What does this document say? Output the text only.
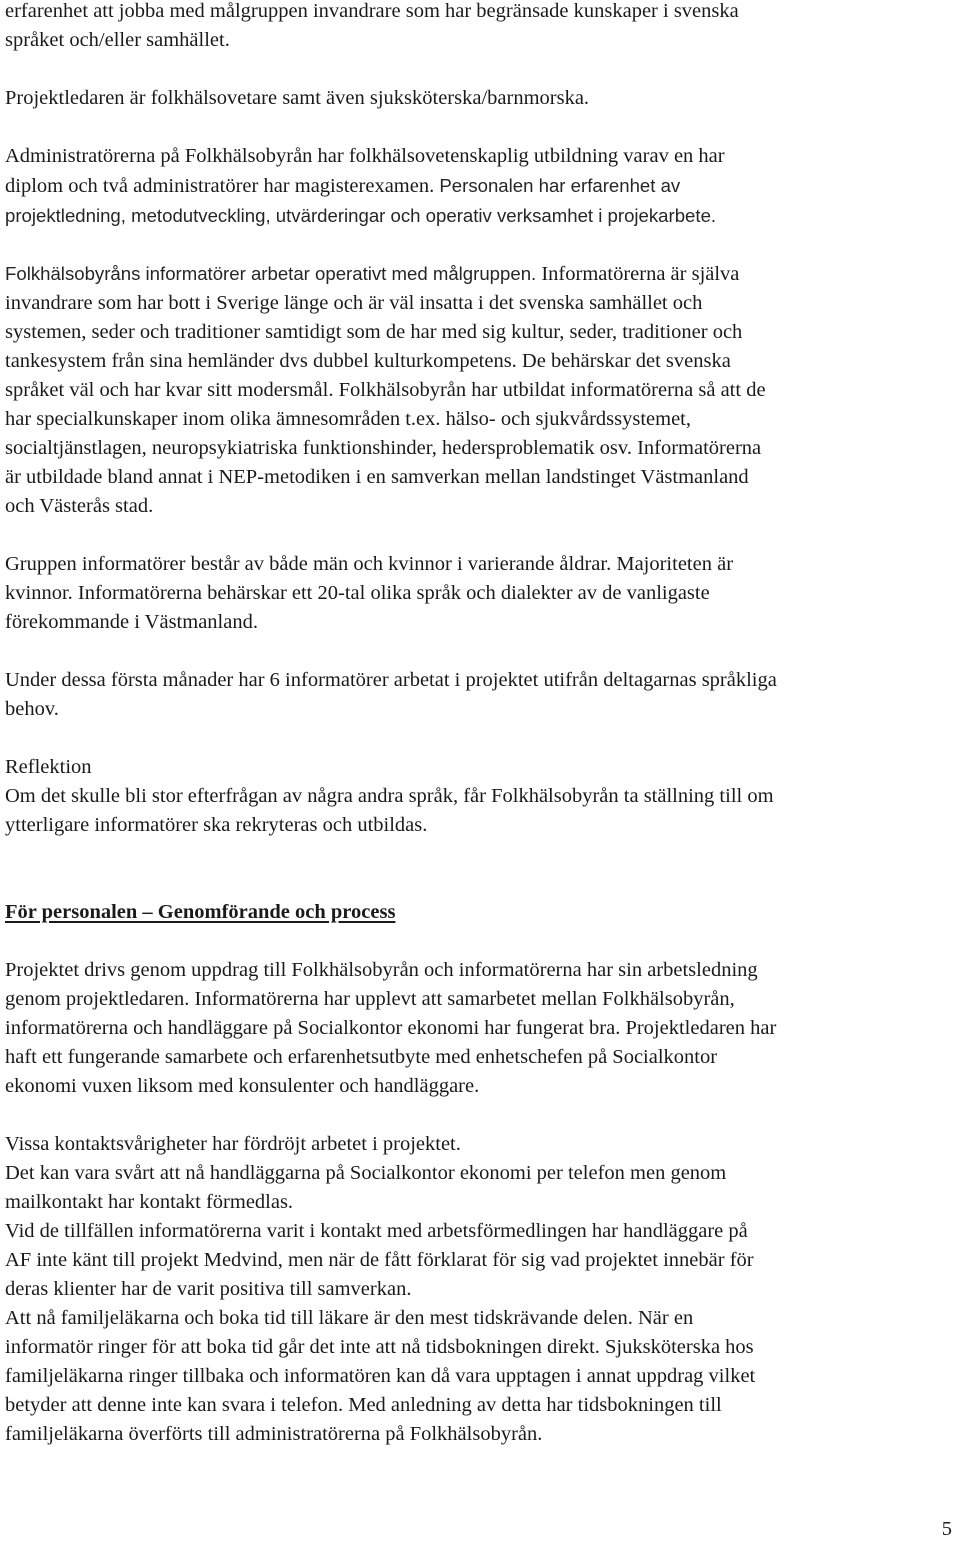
erfarenhet att jobba med målgruppen invandrare som har begränsade kunskaper i svenska
språket och/eller samhället.
Projektledaren är folkhälsovetare samt även sjuksköterska/barnmorska.
Administratörerna på Folkhälsobyrån har folkhälsovetenskaplig utbildning varav en har
diplom och två administratörer har magisterexamen. Personalen har erfarenhet av
projektledning, metodutveckling, utvärderingar och operativ verksamhet i projekarbete.
Folkhälsobyråns informatörer arbetar operativt med målgruppen. Informatörerna är själva
invandrare som har bott i Sverige länge och är väl insatta i det svenska samhället och
systemen, seder och traditioner samtidigt som de har med sig kultur, seder, traditioner och
tankesystem från sina hemländer dvs dubbel kulturkompetens. De behärskar det svenska
språket väl och har kvar sitt modersmål. Folkhälsobyrån har utbildat informatörerna så att de
har specialkunskaper inom olika ämnesområden t.ex. hälso- och sjukvårdssystemet,
socialtjänstlagen, neuropsykiatriska funktionshinder, hedersproblematik osv. Informatörerna
är utbildade bland annat i NEP-metodiken i en samverkan mellan landstinget Västmanland
och Västerås stad.
Gruppen informatörer består av både män och kvinnor i varierande åldrar. Majoriteten är
kvinnor. Informatörerna behärskar ett 20-tal olika språk och dialekter av de vanligaste
förekommande i Västmanland.
Under dessa första månader har 6 informatörer arbetat i projektet utifrån deltagarnas språkliga
behov.
Reflektion
Om det skulle bli stor efterfrågan av några andra språk, får Folkhälsobyrån ta ställning till om
ytterligare informatörer ska rekryteras och utbildas.
För personalen – Genomförande och process
Projektet drivs genom uppdrag till Folkhälsobyrån och informatörerna har sin arbetsledning
genom projektledaren. Informatörerna har upplevt att samarbetet mellan Folkhälsobyrån,
informatörerna och handläggare på Socialkontor ekonomi har fungerat bra. Projektledaren har
haft ett fungerande samarbete och erfarenhetsutbyte med enhetschefen på Socialkontor
ekonomi vuxen liksom med konsulenter och handläggare.
Vissa kontaktsvårigheter har fördröjt arbetet i projektet.
Det kan vara svårt att nå handläggarna på Socialkontor ekonomi per telefon men genom
mailkontakt har kontakt förmedlas.
Vid de tillfällen informatörerna varit i kontakt med arbetsförmedlingen har handläggare på
AF inte känt till projekt Medvind, men när de fått förklarat för sig vad projektet innebär för
deras klienter har de varit positiva till samverkan.
Att nå familjeläkarna och boka tid till läkare är den mest tidskrävande delen. När en
informatör ringer för att boka tid går det inte att nå tidsbokningen direkt. Sjuksköterska hos
familjeläkarna ringer tillbaka och informatören kan då vara upptagen i annat uppdrag vilket
betyder att denne inte kan svara i telefon. Med anledning av detta har tidsbokningen till
familjeläkarna överförts till administratörerna på Folkhälsobyrån.
5
